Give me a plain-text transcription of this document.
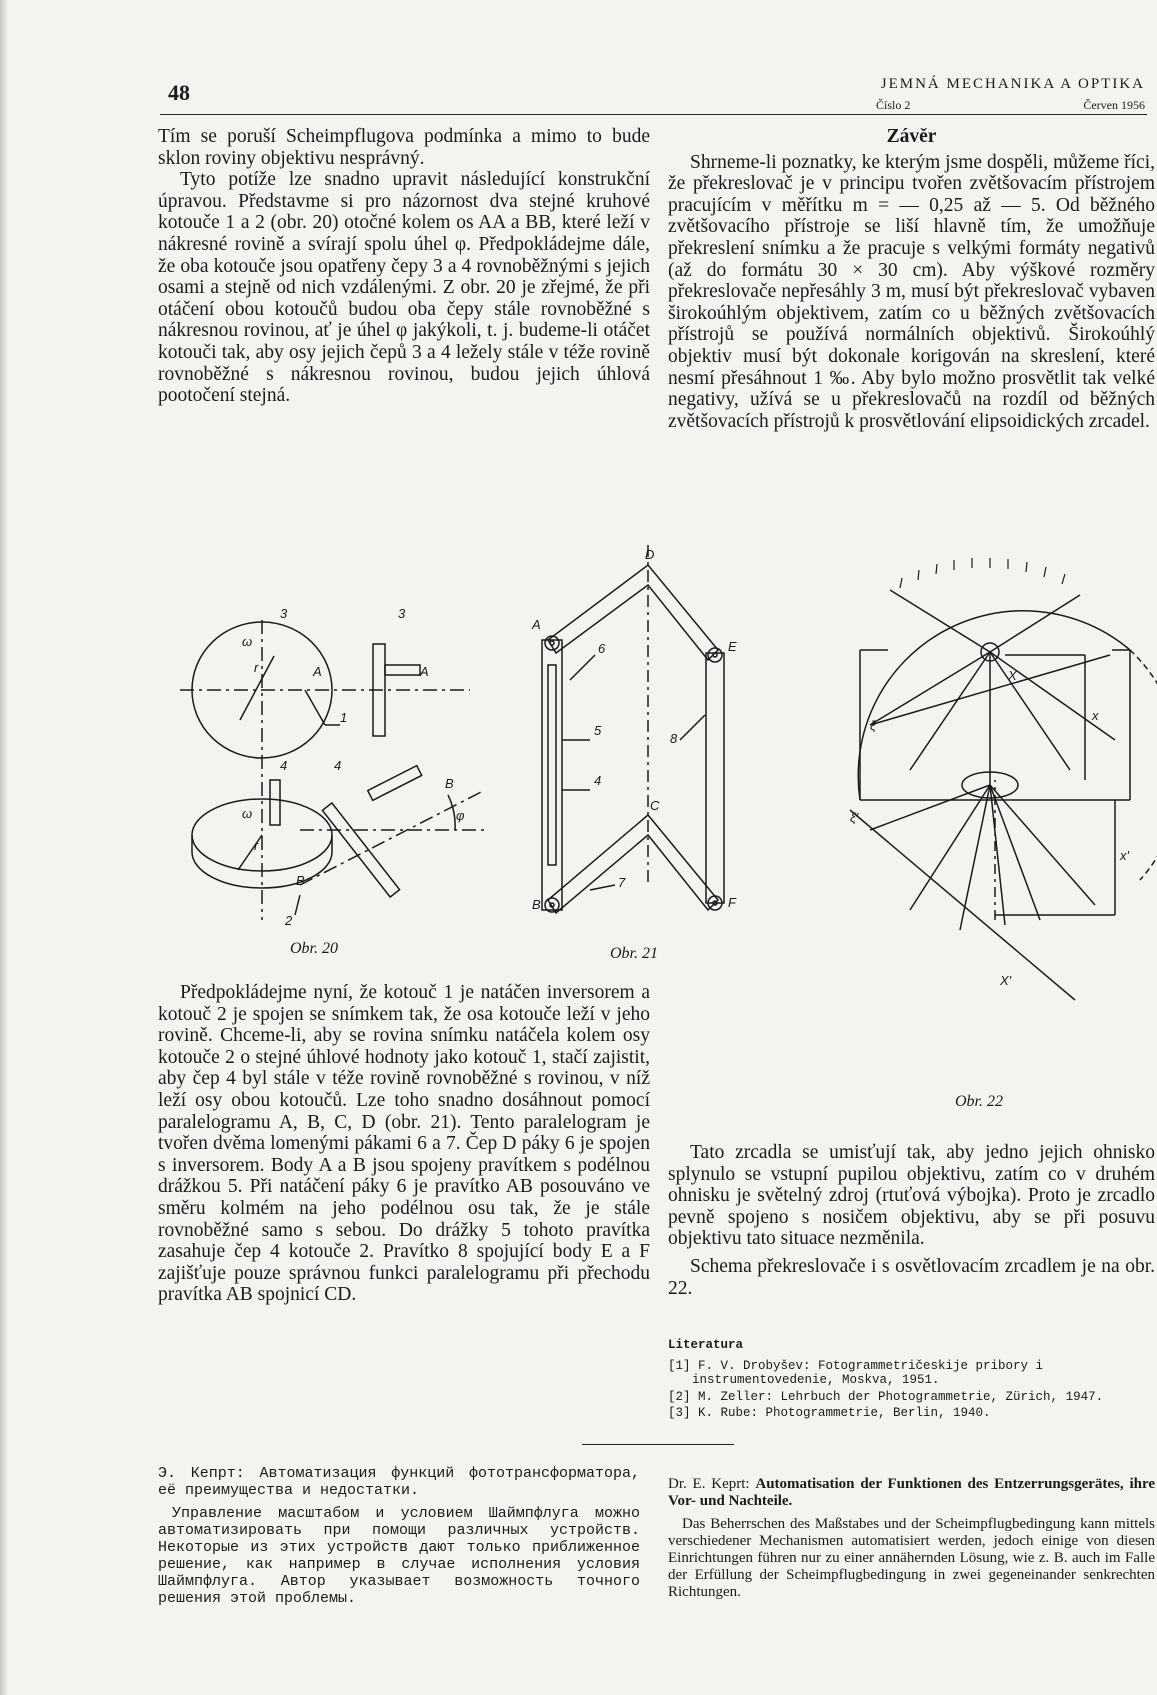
48	JEMNÁ MECHANIKA A OPTIKA
Číslo 2	Červen 1956

Tím se poruší Scheimpflugova podmínka a mimo to bude sklon roviny objektivu nesprávný.

Tyto potíže lze snadno upravit následující konstrukční úpravou. Představme si pro názornost dva stejné kruhové kotouče 1 a 2 (obr. 20) otočné kolem os AA a BB, které leží v nákresné rovině a svírají spolu úhel φ. Předpokládejme dále, že oba kotouče jsou opatřeny čepy 3 a 4 rovnoběžnými s jejich osami a stejně od nich vzdálenými. Z obr. 20 je zřejmé, že při otáčení obou kotoučů budou oba čepy stále rovnoběžné s nákresnou rovinou, ať je úhel φ jakýkoli, t. j. budeme-li otáčet kotouči tak, aby osy jejich čepů 3 a 4 ležely stále v téže rovině rovnoběžné s nákresnou rovinou, budou jejich úhlová pootočení stejná.

Závěr

Shrneme-li poznatky, ke kterým jsme dospěli, můžeme říci, že překreslovač je v principu tvořen zvětšovacím přístrojem pracujícím v měřítku m = — 0,25 až — 5. Od běžného zvětšovacího přístroje se liší hlavně tím, že umožňuje překreslení snímku a že pracuje s velkými formáty negativů (až do formátu 30 × 30 cm). Aby výškové rozměry překreslovače nepřesáhly 3 m, musí být překreslovač vybaven širokoúhlým objektivem, zatím co u běžných zvětšovacích přístrojů se používá normálních objektivů. Širokoúhlý objektiv musí být dokonale korigován na skreslení, které nesmí přesáhnout 1 ‰. Aby bylo možno prosvětlit tak velké negativy, užívá se u překreslovačů na rozdíl od běžných zvětšovacích přístrojů k prosvětlování elipsoidických zrcadel.

3	3
A	A
1
r
ω
4	4
B
B
φ
2
r
ω
Obr. 20
D
A
6	E
5
8
4
C
B
7
F
Obr. 21
X
ξ
x
ξ'
x'
X'
Obr. 22

Předpokládejme nyní, že kotouč 1 je natáčen inversorem a kotouč 2 je spojen se snímkem tak, že osa kotouče leží v jeho rovině. Chceme-li, aby se rovina snímku natáčela kolem osy kotouče 2 o stejné úhlové hodnoty jako kotouč 1, stačí zajistit, aby čep 4 byl stále v téže rovině rovnoběžné s rovinou, v níž leží osy obou kotoučů. Lze toho snadno dosáhnout pomocí paralelogramu A, B, C, D (obr. 21). Tento paralelogram je tvořen dvěma lomenými pákami 6 a 7. Čep D páky 6 je spojen s inversorem. Body A a B jsou spojeny pravítkem s podélnou drážkou 5. Při natáčení páky 6 je pravítko AB posouváno ve směru kolmém na jeho podélnou osu tak, že je stále rovnoběžné samo s sebou. Do drážky 5 tohoto pravítka zasahuje čep 4 kotouče 2. Pravítko 8 spojující body E a F zajišťuje pouze správnou funkci paralelogramu při přechodu pravítka AB spojnicí CD.

Tato zrcadla se umisťují tak, aby jedno jejich ohnisko splynulo se vstupní pupilou objektivu, zatím co v druhém ohnisku je světelný zdroj (rtuťová výbojka). Proto je zrcadlo pevně spojeno s nosičem objektivu, aby se při posuvu objektivu tato situace nezměnila.

Schema překreslovače i s osvětlovacím zrcadlem je na obr. 22.

Literatura
[1] F. V. Drobyšev: Fotogrammetričeskije pribory i instrumentovedenie, Moskva, 1951.
[2] M. Zeller: Lehrbuch der Photogrammetrie, Zürich, 1947.
[3] K. Rube: Photogrammetrie, Berlin, 1940.

Э. Кепрт: Автоматизация функций фототрансформатора, её преимущества и недостатки.

Управление масштабом и условием Шаймпфлуга можно автоматизировать при помощи различных устройств. Некоторые из этих устройств дают только приближенное решение, как например в случае исполнения условия Шаймпфлуга. Автор указывает возможность точного решения этой проблемы.

Dr. E. Keprt: Automatisation der Funktionen des Entzerrungsgerätes, ihre Vor- und Nachteile.

Das Beherrschen des Maßstabes und der Scheimpflugbedingung kann mittels verschiedener Mechanismen automatisiert werden, jedoch einige von diesen Einrichtungen führen nur zu einer annähernden Lösung, wie z. B. auch im Falle der Erfüllung der Scheimpflugbedingung in zwei gegeneinander senkrechten Richtungen.
